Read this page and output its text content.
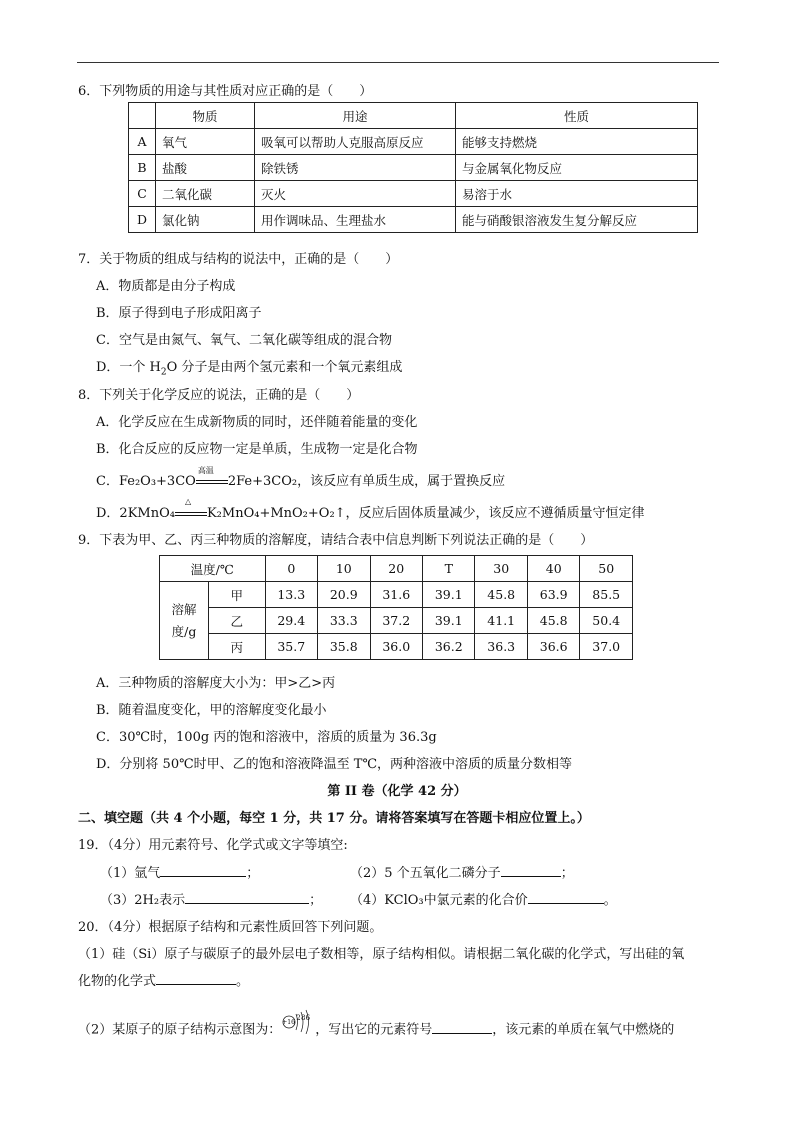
6．下列物质的用途与其性质对应正确的是（　　）
	物质	用途	性质
A	氧气	吸氧可以帮助人克服高原反应	能够支持燃烧
B	盐酸	除铁锈	与金属氧化物反应
C	二氧化碳	灭火	易溶于水
D	氯化钠	用作调味品、生理盐水	能与硝酸银溶液发生复分解反应
7．关于物质的组成与结构的说法中，正确的是（　　）
A．物质都是由分子构成
B．原子得到电子形成阳离子
C．空气是由氮气、氧气、二氧化碳等组成的混合物
D．一个 $H_2O$ 分子是由两个氢元素和一个氧元素组成
8．下列关于化学反应的说法，正确的是（　　）
A．化学反应在生成新物质的同时，还伴随着能量的变化
B．化合反应的反应物一定是单质，生成物一定是化合物
C．Fe₂O₃+3CO
高温
2Fe+3CO₂，该反应有单质生成，属于置换反应
D．2KMnO₄
△
K₂MnO₄+MnO₂+O₂↑，反应后固体质量减少，该反应不遵循质量守恒定律
9．下表为甲、乙、丙三种物质的溶解度，请结合表中信息判断下列说法正确的是（　　）
温度/℃		0	10	20	T	30	40	50
溶解度/g	甲	13.3	20.9	31.6	39.1	45.8	63.9	85.5
	乙	29.4	33.3	37.2	39.1	41.1	45.8	50.4
	丙	35.7	35.8	36.0	36.2	36.3	36.6	37.0
A．三种物质的溶解度大小为：甲>乙>丙
B．随着温度变化，甲的溶解度变化最小
C．30℃时，100g 丙的饱和溶液中，溶质的质量为 36.3g
D．分别将 50℃时甲、乙的饱和溶液降温至 T℃，两种溶液中溶质的质量分数相等
第 II 卷（化学 42 分）
二、填空题（共 4 个小题，每空 1 分，共 17 分。请将答案填写在答题卡相应位置上。）
19．（4分）用元素符号、化学式或文字等填空:
（1）氩气	；	（2）5 个五氧化二磷分子	；
（3）2H₂表示	； （4）KClO₃中氯元素的化合价	。
20．（4分）根据原子结构和元素性质回答下列问题。
（1）硅（Si）原子与碳原子的最外层电子数相等，原子结构相似。请根据二氧化碳的化学式，写出硅的氧
化物的化学式	。
（2）某原子的原子结构示意图为： +16
2 8 6
，写出它的元素符号	，该元素的单质在氧气中燃烧的
